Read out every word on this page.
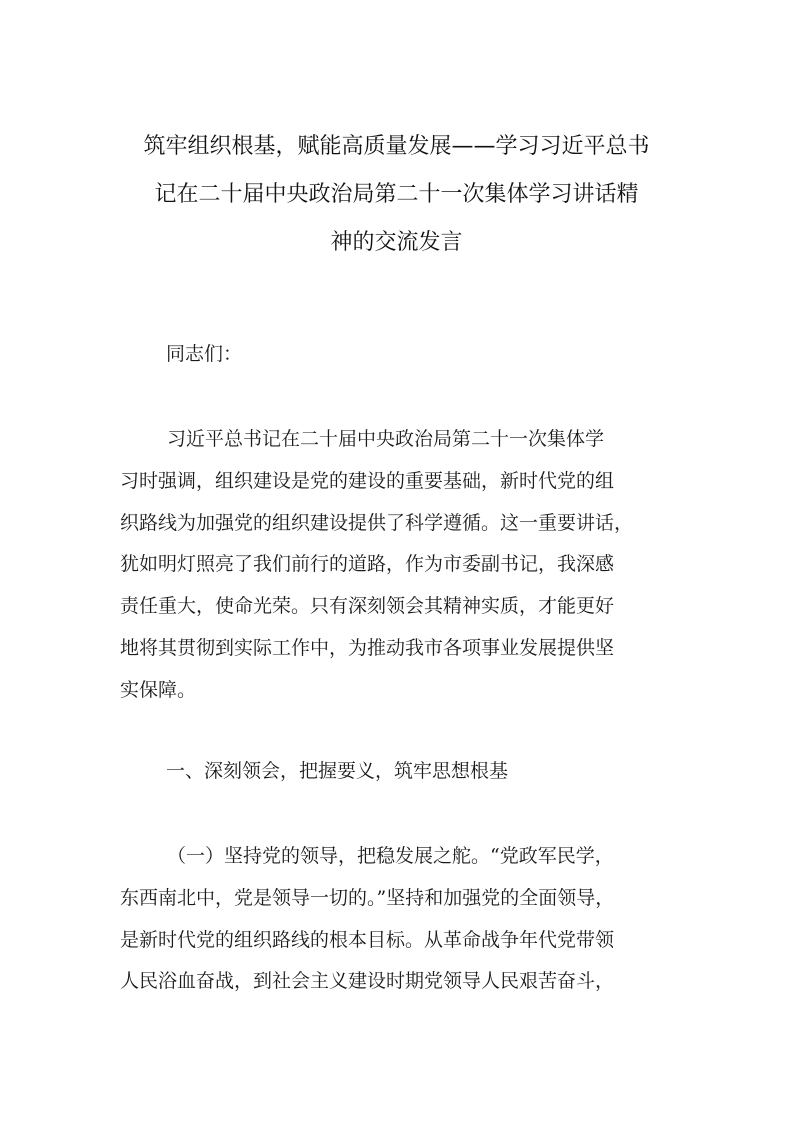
筑牢组织根基，赋能高质量发展——学习习近平总书
记在二十届中央政治局第二十一次集体学习讲话精
神的交流发言

同志们：

习近平总书记在二十届中央政治局第二十一次集体学
习时强调，组织建设是党的建设的重要基础，新时代党的组
织路线为加强党的组织建设提供了科学遵循。这一重要讲话，
犹如明灯照亮了我们前行的道路，作为市委副书记，我深感
责任重大，使命光荣。只有深刻领会其精神实质，才能更好
地将其贯彻到实际工作中，为推动我市各项事业发展提供坚
实保障。

一、深刻领会，把握要义，筑牢思想根基

（一）坚持党的领导，把稳发展之舵。“党政军民学，
东西南北中，党是领导一切的。”坚持和加强党的全面领导，
是新时代党的组织路线的根本目标。从革命战争年代党带领
人民浴血奋战，到社会主义建设时期党领导人民艰苦奋斗，
